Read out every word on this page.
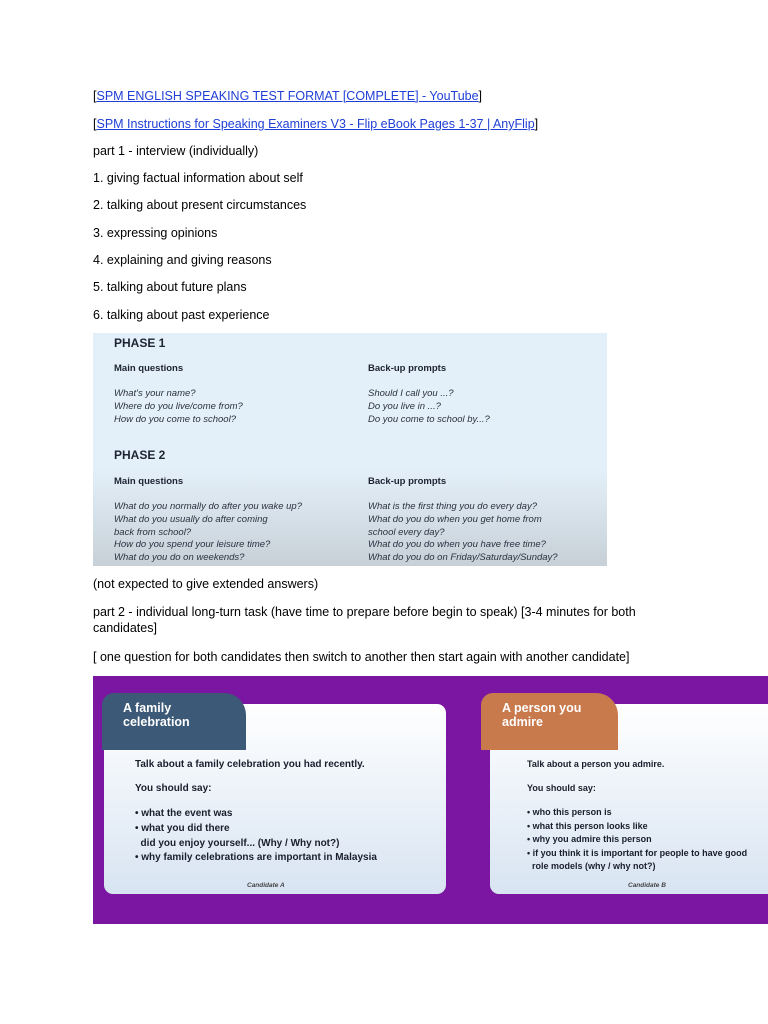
[SPM ENGLISH SPEAKING TEST FORMAT [COMPLETE] - YouTube]
[SPM Instructions for Speaking Examiners V3 - Flip eBook Pages 1-37 | AnyFlip]
part 1 - interview (individually)
1. giving factual information about self
2. talking about present circumstances
3. expressing opinions
4. explaining and giving reasons
5. talking about future plans
6. talking about past experience
PHASE 1
Main questions	Back-up prompts
What's your name?
Where do you live/come from?
How do you come to school?
Should I call you ...?
Do you live in ...?
Do you come to school by...?
PHASE 2
Main questions	Back-up prompts
What do you normally do after you wake up?
What do you usually do after coming
back from school?
How do you spend your leisure time?
What do you do on weekends?
What is the first thing you do every day?
What do you do when you get home from
school every day?
What do you do when you have free time?
What do you do on Friday/Saturday/Sunday?
(not expected to give extended answers)
part 2 - individual long-turn task (have time to prepare before begin to speak) [3-4 minutes for both candidates]
[ one question for both candidates then switch to another then start again with another candidate]
A family
celebration
Talk about a family celebration you had recently.
You should say:
• what the event was
• what you did there
did you enjoy yourself... (Why / Why not?)
• why family celebrations are important in Malaysia
Candidate A
A person you
admire
Talk about a person you admire.
You should say:
• who this person is
• what this person looks like
• why you admire this person
• if you think it is important for people to have good
role models (why / why not?)
Candidate B
